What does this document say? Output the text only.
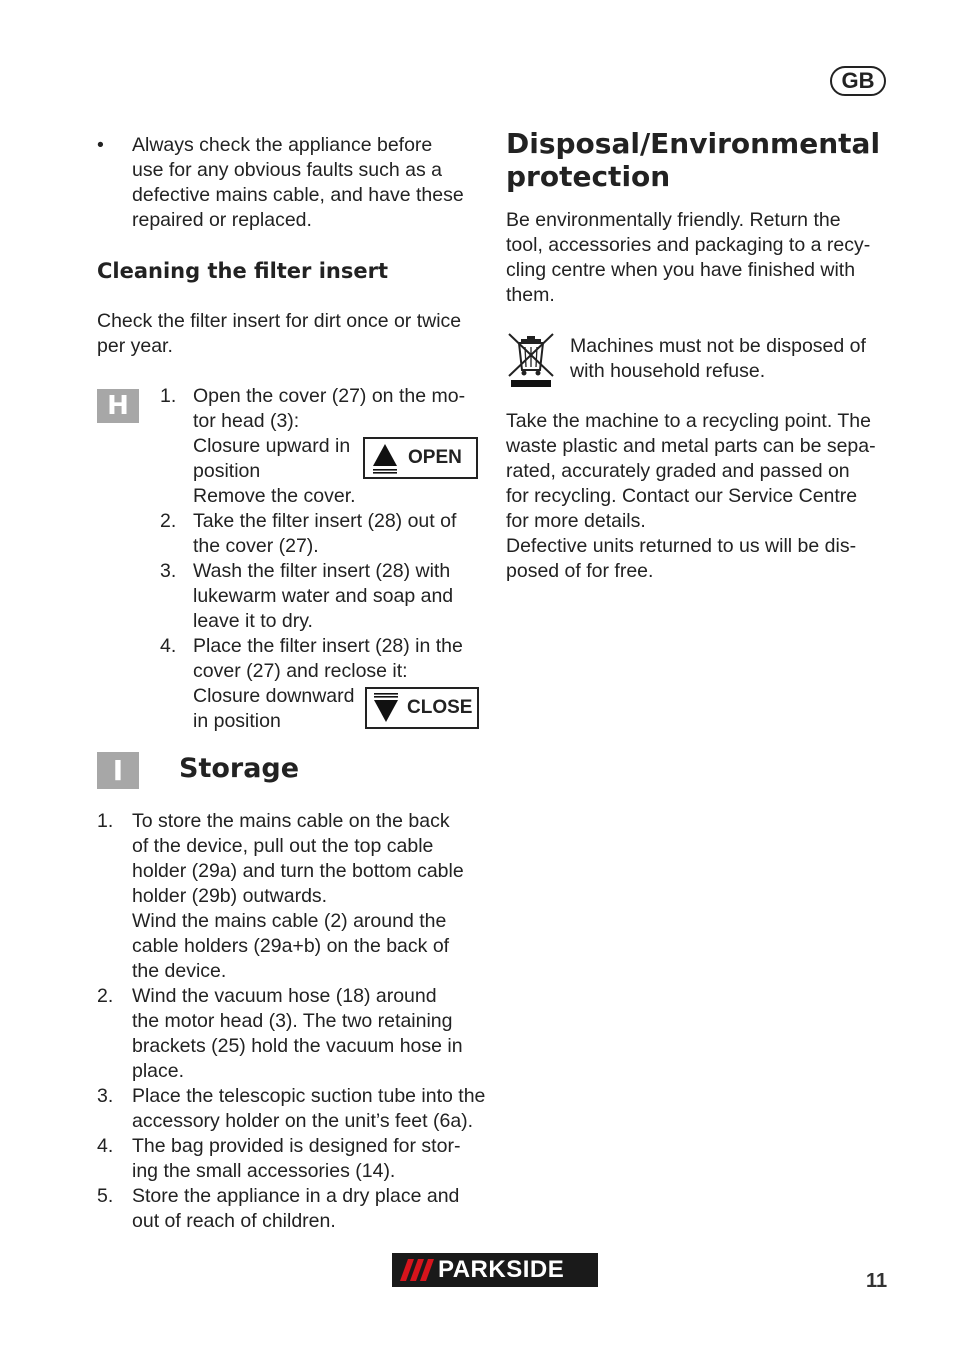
GB
• Always check the appliance before
use for any obvious faults such as a
defective mains cable, and have these
repaired or replaced.
Cleaning the filter insert
Check the filter insert for dirt once or twice
per year.
H	1. Open the cover (27) on the mo-
tor head (3):
Closure upward in
position
Remove the cover.
2. Take the filter insert (28) out of
the cover (27).
3. Wash the filter insert (28) with
lukewarm water and soap and
leave it to dry.
4. Place the filter insert (28) in the
cover (27) and reclose it:
Closure downward
in position
OPEN
CLOSE
I	Storage
1. To store the mains cable on the back
of the device, pull out the top cable
holder (29a) and turn the bottom cable
holder (29b) outwards.
Wind the mains cable (2) around the
cable holders (29a+b) on the back of
the device.
2. Wind the vacuum hose (18) around
the motor head (3). The two retaining
brackets (25) hold the vacuum hose in
place.
3. Place the telescopic suction tube into the
accessory holder on the unit’s feet (6a).
4. The bag provided is designed for stor-
ing the small accessories (14).
5. Store the appliance in a dry place and
out of reach of children.
Disposal/Environmental
protection
Be environmentally friendly. Return the
tool, accessories and packaging to a recy-
cling centre when you have finished with
them.
Machines must not be disposed of
with household refuse.
Take the machine to a recycling point. The
waste plastic and metal parts can be sepa-
rated, accurately graded and passed on
for recycling. Contact our Service Centre
for more details.
Defective units returned to us will be dis-
posed of for free.
PARKSIDE	11
